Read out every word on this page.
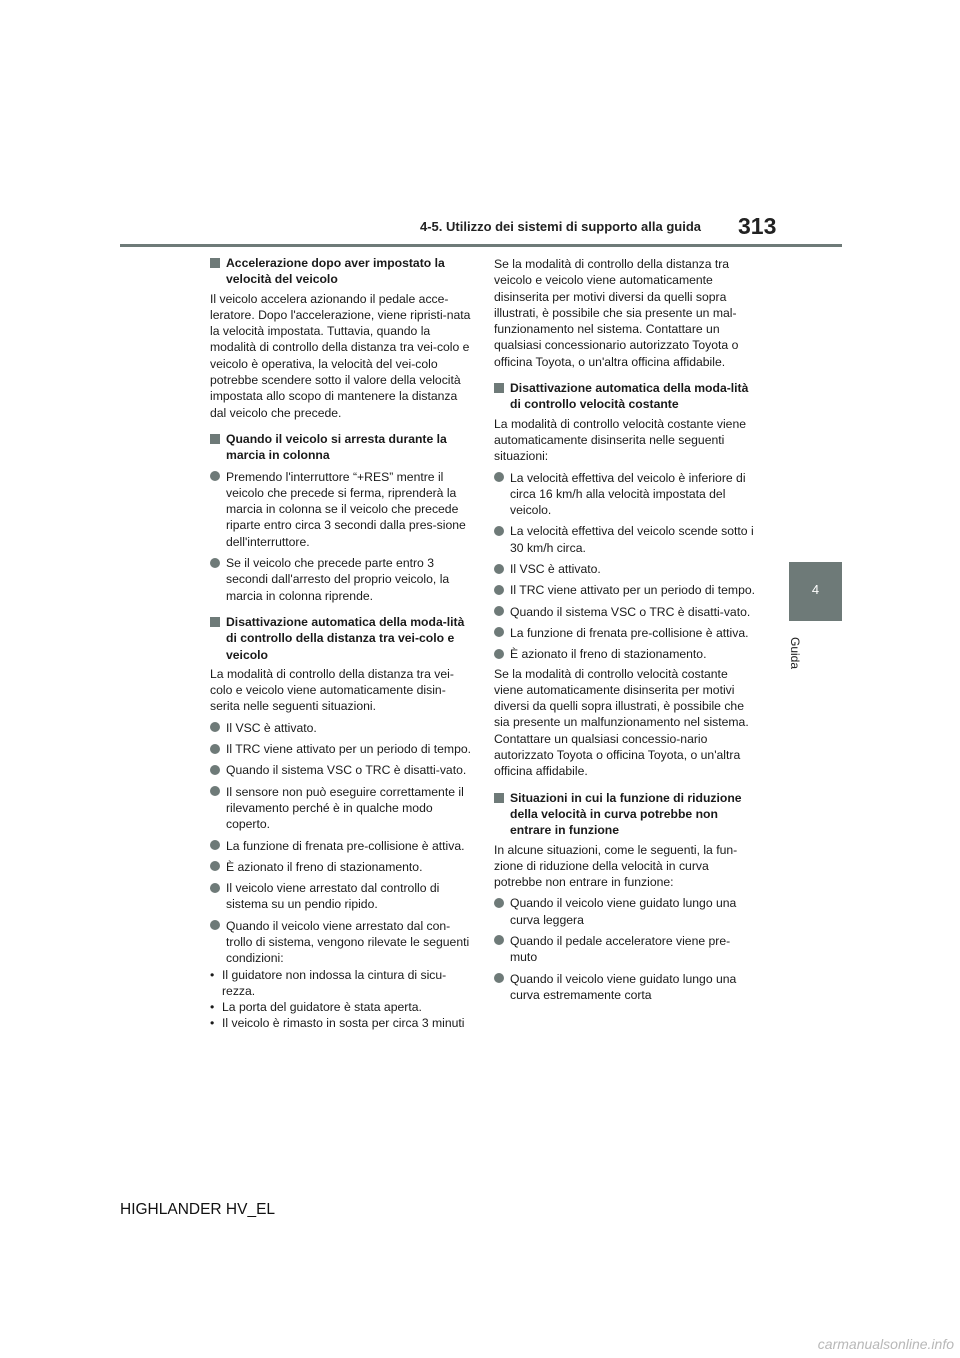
4-5. Utilizzo dei sistemi di supporto alla guida 313
4
Guida
Accelerazione dopo aver impostato la velocità del veicolo
Il veicolo accelera azionando il pedale acce-leratore. Dopo l'accelerazione, viene ripristi-nata la velocità impostata. Tuttavia, quando la modalità di controllo della distanza tra vei-colo e veicolo è operativa, la velocità del vei-colo potrebbe scendere sotto il valore della velocità impostata allo scopo di mantenere la distanza dal veicolo che precede.
Quando il veicolo si arresta durante la marcia in colonna
Premendo l'interruttore “+RES” mentre il veicolo che precede si ferma, riprenderà la marcia in colonna se il veicolo che precede riparte entro circa 3 secondi dalla pres-sione dell'interruttore.
Se il veicolo che precede parte entro 3 secondi dall'arresto del proprio veicolo, la marcia in colonna riprende.
Disattivazione automatica della moda-lità di controllo della distanza tra vei-colo e veicolo
La modalità di controllo della distanza tra vei-colo e veicolo viene automaticamente disin-serita nelle seguenti situazioni.
Il VSC è attivato.
Il TRC viene attivato per un periodo di tempo.
Quando il sistema VSC o TRC è disatti-vato.
Il sensore non può eseguire correttamente il rilevamento perché è in qualche modo coperto.
La funzione di frenata pre-collisione è attiva.
È azionato il freno di stazionamento.
Il veicolo viene arrestato dal controllo di sistema su un pendio ripido.
Quando il veicolo viene arrestato dal con-trollo di sistema, vengono rilevate le seguenti condizioni:
• Il guidatore non indossa la cintura di sicu-rezza.
• La porta del guidatore è stata aperta.
• Il veicolo è rimasto in sosta per circa 3 minuti
Se la modalità di controllo della distanza tra veicolo e veicolo viene automaticamente disinserita per motivi diversi da quelli sopra illustrati, è possibile che sia presente un mal-funzionamento nel sistema. Contattare un qualsiasi concessionario autorizzato Toyota o officina Toyota, o un'altra officina affidabile.
Disattivazione automatica della moda-lità di controllo velocità costante
La modalità di controllo velocità costante viene automaticamente disinserita nelle seguenti situazioni:
La velocità effettiva del veicolo è inferiore di circa 16 km/h alla velocità impostata del veicolo.
La velocità effettiva del veicolo scende sotto i 30 km/h circa.
Il VSC è attivato.
Il TRC viene attivato per un periodo di tempo.
Quando il sistema VSC o TRC è disatti-vato.
La funzione di frenata pre-collisione è attiva.
È azionato il freno di stazionamento.
Se la modalità di controllo velocità costante viene automaticamente disinserita per motivi diversi da quelli sopra illustrati, è possibile che sia presente un malfunzionamento nel sistema. Contattare un qualsiasi concessio-nario autorizzato Toyota o officina Toyota, o un'altra officina affidabile.
Situazioni in cui la funzione di riduzione della velocità in curva potrebbe non entrare in funzione
In alcune situazioni, come le seguenti, la fun-zione di riduzione della velocità in curva potrebbe non entrare in funzione:
Quando il veicolo viene guidato lungo una curva leggera
Quando il pedale acceleratore viene pre-muto
Quando il veicolo viene guidato lungo una curva estremamente corta
HIGHLANDER HV_EL
carmanualsonline.info
